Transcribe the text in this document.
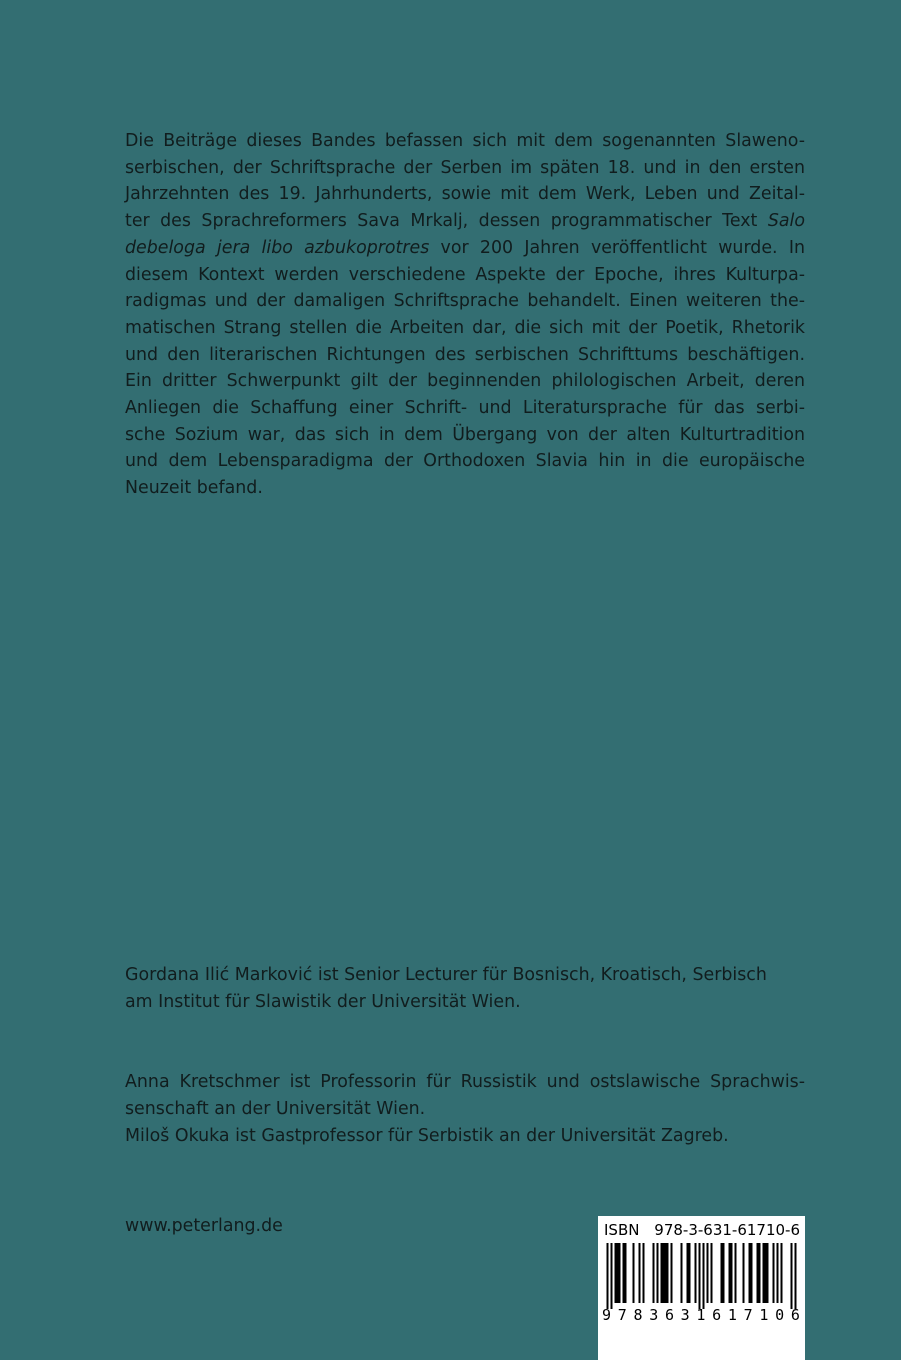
Die Beiträge dieses Bandes befassen sich mit dem sogenannten Slaweno-
serbischen, der Schriftsprache der Serben im späten 18. und in den ersten
Jahrzehnten des 19. Jahrhunderts, sowie mit dem Werk, Leben und Zeital-
ter des Sprachreformers Sava Mrkalj, dessen programmatischer Text Salo
debeloga jera libo azbukoprotres vor 200 Jahren veröffentlicht wurde. In
diesem Kontext werden verschiedene Aspekte der Epoche, ihres Kulturpa-
radigmas und der damaligen Schriftsprache behandelt. Einen weiteren the-
matischen Strang stellen die Arbeiten dar, die sich mit der Poetik, Rhetorik
und den literarischen Richtungen des serbischen Schrifttums beschäftigen.
Ein dritter Schwerpunkt gilt der beginnenden philologischen Arbeit, deren
Anliegen die Schaffung einer Schrift- und Literatursprache für das serbi-
sche Sozium war, das sich in dem Übergang von der alten Kulturtradition
und dem Lebensparadigma der Orthodoxen Slavia hin in die europäische
Neuzeit befand.
Gordana Ilić Marković ist Senior Lecturer für Bosnisch, Kroatisch, Serbisch
am Institut für Slawistik der Universität Wien.
Anna Kretschmer ist Professorin für Russistik und ostslawische Sprachwis-
senschaft an der Universität Wien.
Miloš Okuka ist Gastprofessor für Serbistik an der Universität Zagreb.
www.peterlang.de	ISBN 978-3-631-61710-6
9 7 8 3 6 3 1 6 1 7 1 0 6
